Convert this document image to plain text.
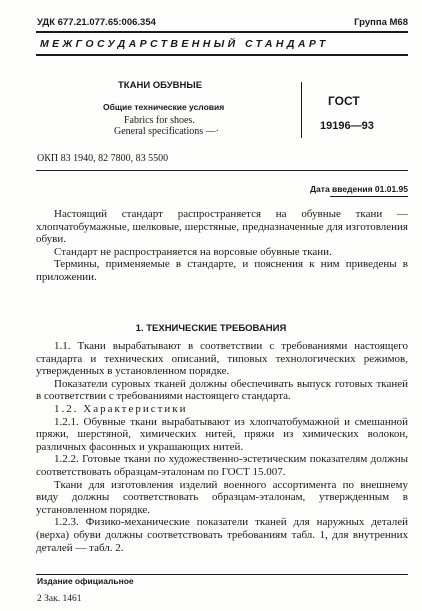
УДК 677.21.077.65:006.354	Группа М68
МЕЖГОСУДАРСТВЕННЫЙ СТАНДАРТ
ТКАНИ ОБУВНЫЕ
Общие технические условия
Fabrics for shoes.
General specifications —·
ГОСТ
19196—93
ОКП 83 1940, 82 7800, 83 5500
Дата введения 01.01.95
Настоящий стандарт распространяется на обувные ткани — хлопчатобумажные, шелковые, шерстяные, предназначенные для изготовления обуви.
Стандарт не распространяется на ворсовые обувные ткани.
Термины, применяемые в стандарте, и пояснения к ним приведены в приложении.
1. ТЕХНИЧЕСКИЕ ТРЕБОВАНИЯ
1.1. Ткани вырабатывают в соответствии с требованиями настоящего стандарта и технических описаний, типовых технологических режимов, утвержденных в установленном порядке.
Показатели суровых тканей должны обеспечивать выпуск готовых тканей в соответствии с требованиями настоящего стандарта.
1.2. Характеристики
1.2.1. Обувные ткани вырабатывают из хлопчатобумажной и смешанной пряжи, шерстяной, химических нитей, пряжи из химических волокон, различных фасонных и украшающих нитей.
1.2.2. Готовые ткани по художественно-эстетическим показателям должны соответствовать образцам-эталонам по ГОСТ 15.007.
Ткани для изготовления изделий военного ассортимента по внешнему виду должны соответствовать образцам-эталонам, утвержденным в установленном порядке.
1.2.3. Физико-механические показатели тканей для наружных деталей (верха) обуви должны соответствовать требованиям табл. 1, для внутренних деталей — табл. 2.
Издание официальное
2 Зак. 1461
